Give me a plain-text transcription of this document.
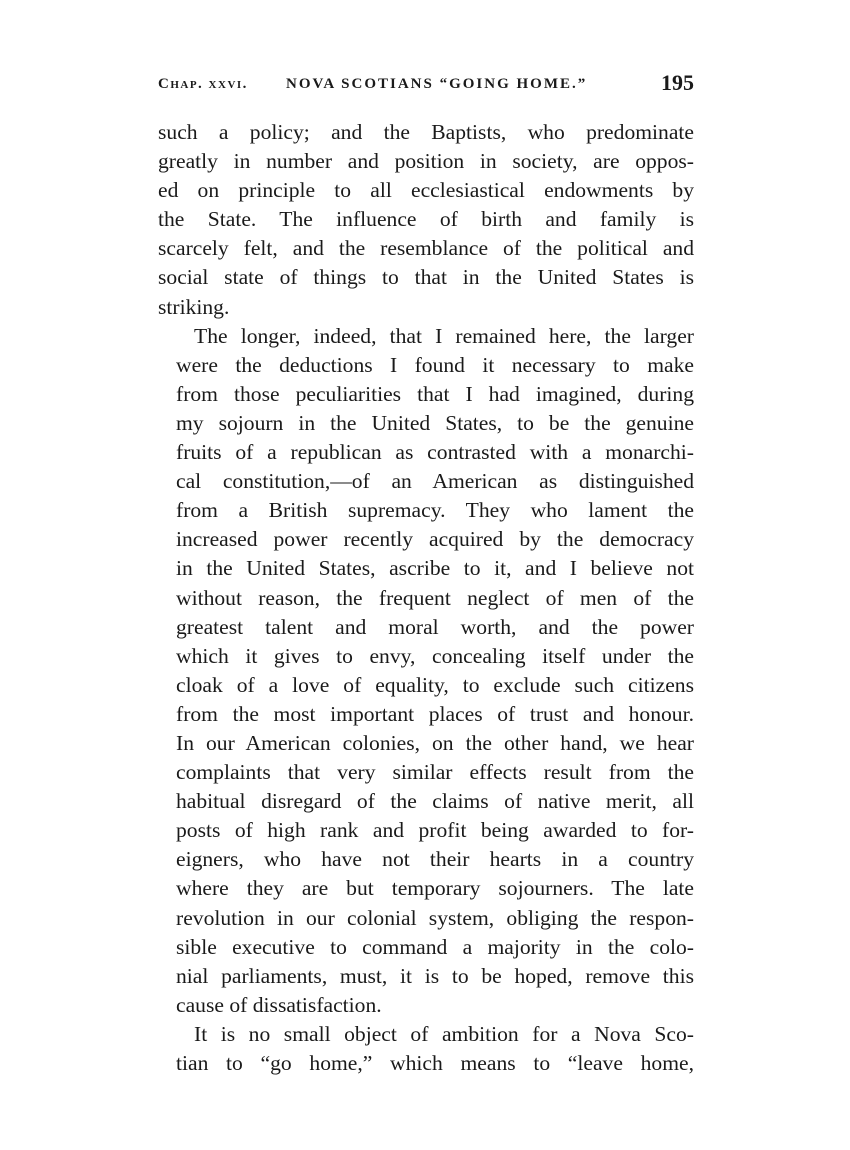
Chap. xxvi.	NOVA SCOTIANS “GOING HOME.”	195

such a policy; and the Baptists, who predominate
greatly in number and position in society, are oppos-
ed on principle to all ecclesiastical endowments by
the State. The influence of birth and family is
scarcely felt, and the resemblance of the political and
social state of things to that in the United States is
striking.

The longer, indeed, that I remained here, the larger
were the deductions I found it necessary to make
from those peculiarities that I had imagined, during
my sojourn in the United States, to be the genuine
fruits of a republican as contrasted with a monarchi-
cal constitution,—of an American as distinguished
from a British supremacy. They who lament the
increased power recently acquired by the democracy
in the United States, ascribe to it, and I believe not
without reason, the frequent neglect of men of the
greatest talent and moral worth, and the power
which it gives to envy, concealing itself under the
cloak of a love of equality, to exclude such citizens
from the most important places of trust and honour.
In our American colonies, on the other hand, we hear
complaints that very similar effects result from the
habitual disregard of the claims of native merit, all
posts of high rank and profit being awarded to for-
eigners, who have not their hearts in a country
where they are but temporary sojourners. The late
revolution in our colonial system, obliging the respon-
sible executive to command a majority in the colo-
nial parliaments, must, it is to be hoped, remove this
cause of dissatisfaction.

It is no small object of ambition for a Nova Sco-
tian to “go home,” which means to “leave home,
